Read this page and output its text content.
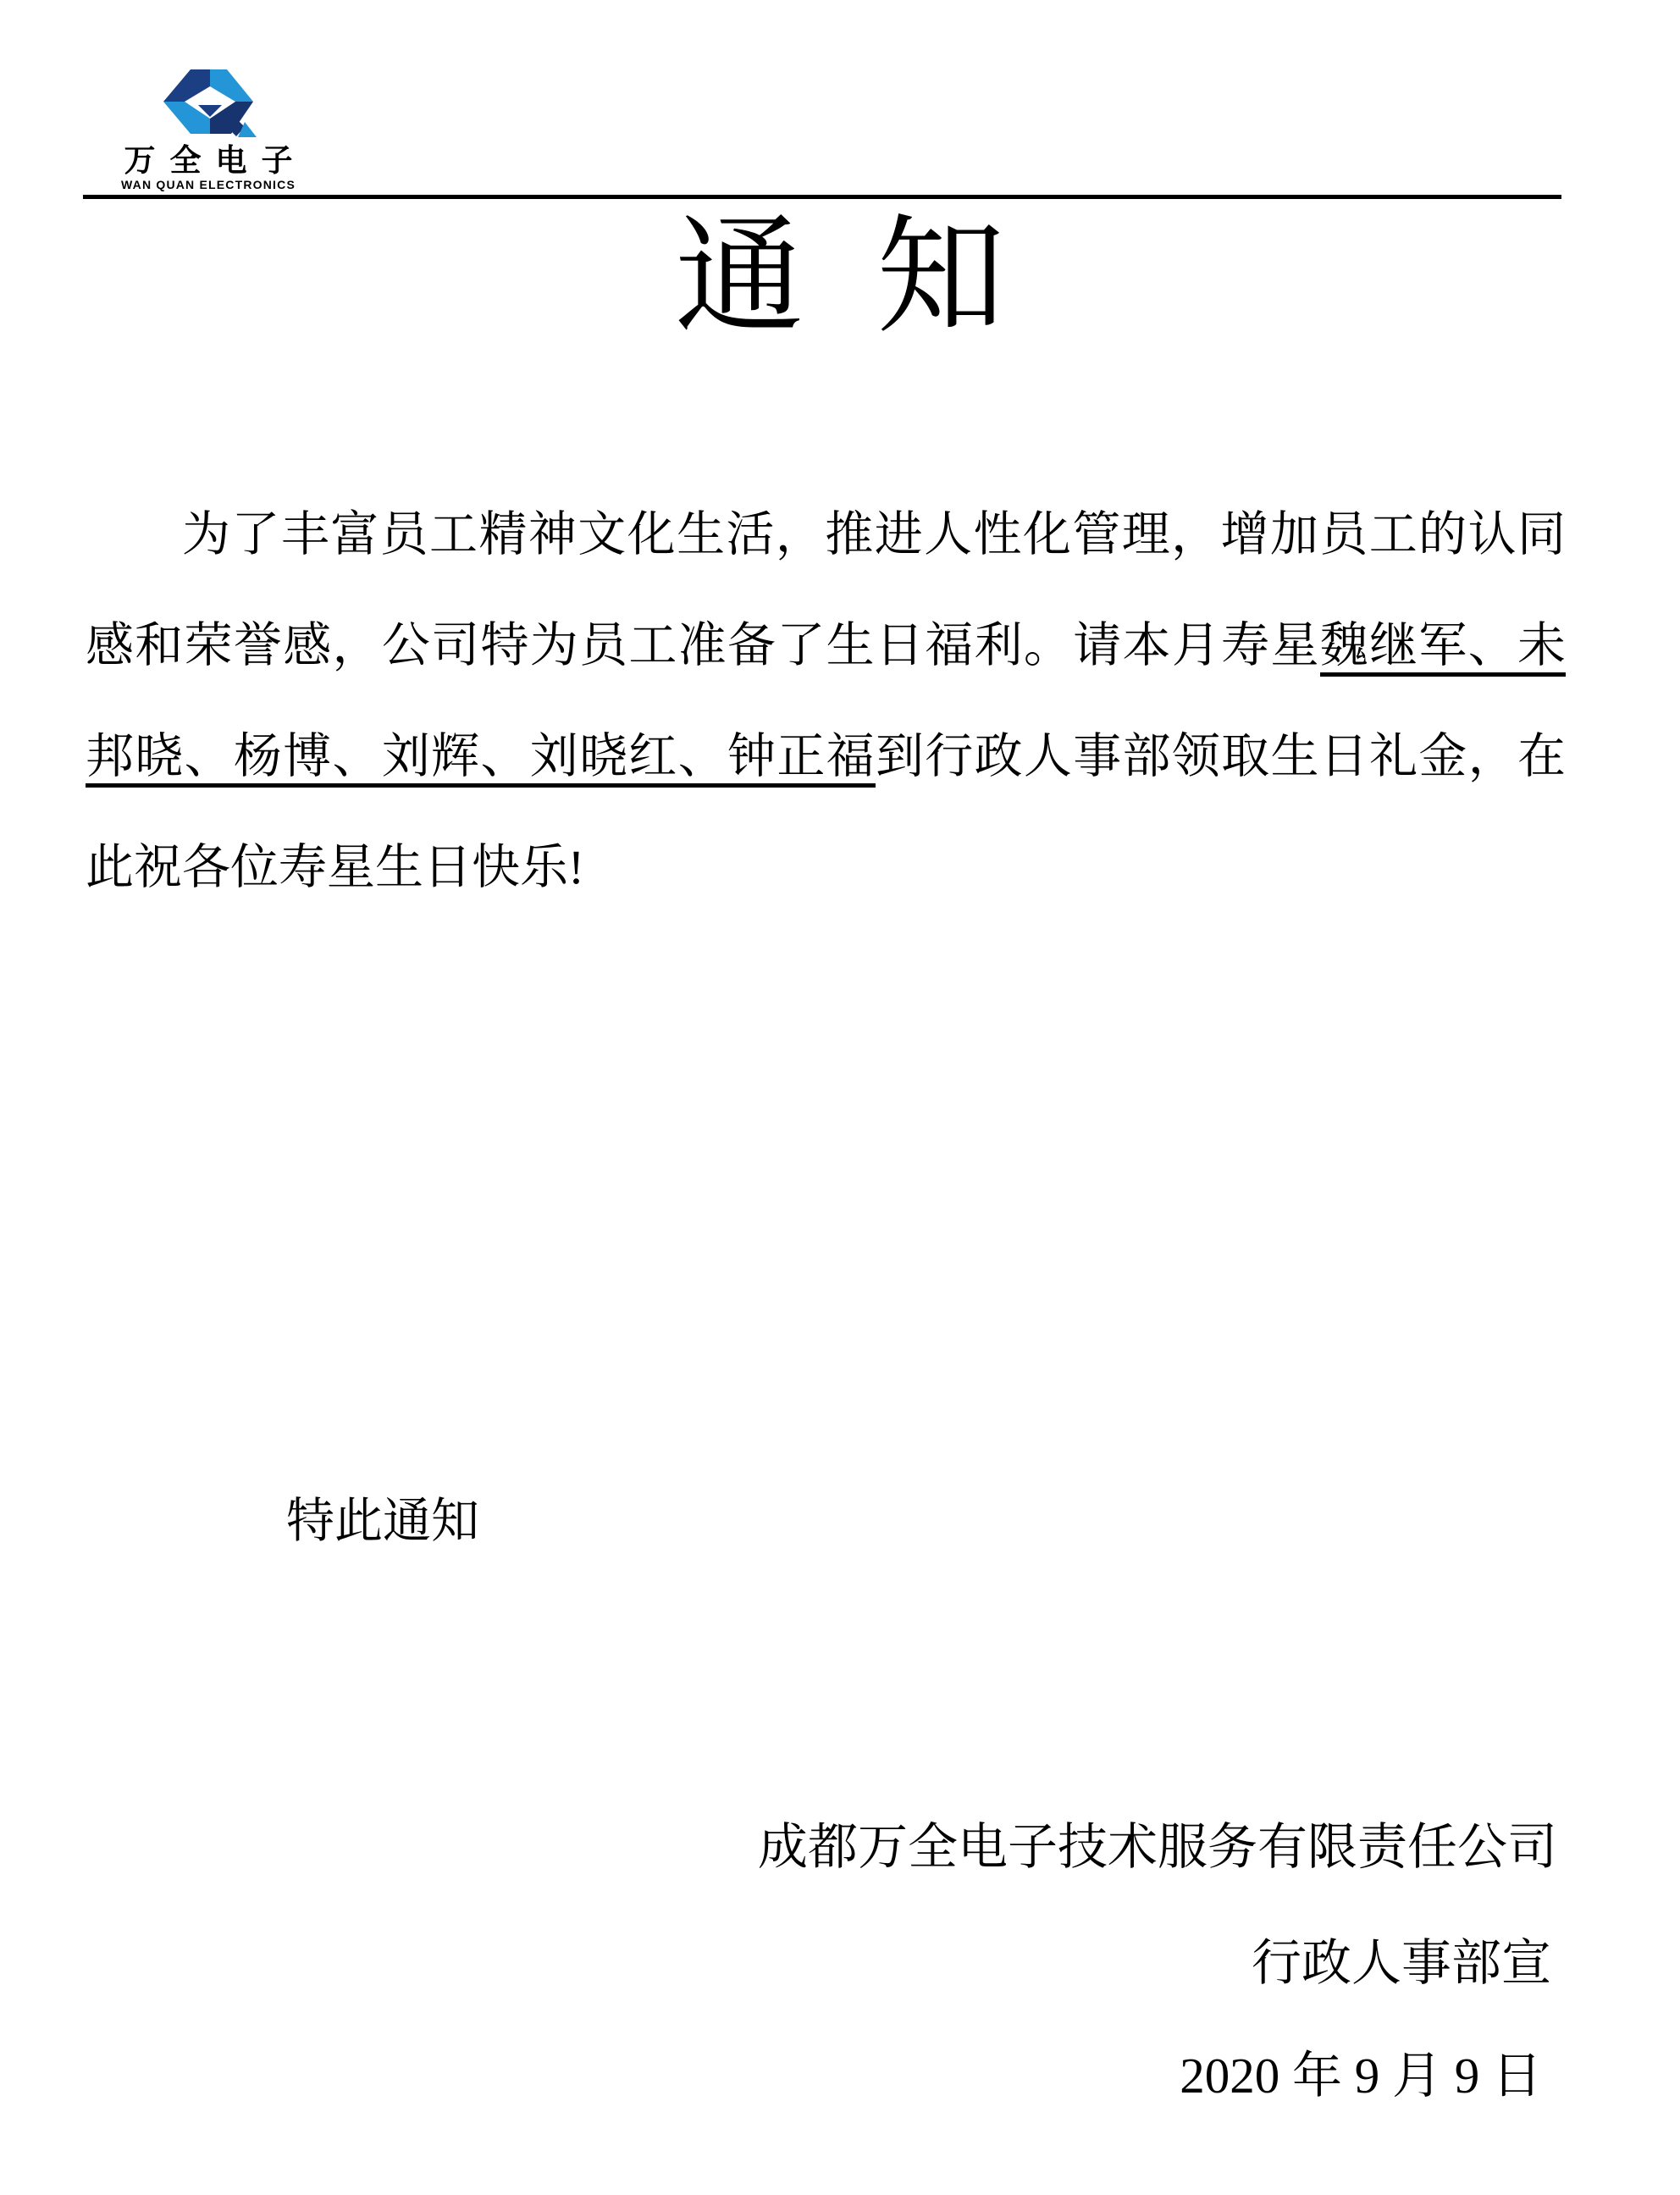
万全电子
WAN QUAN ELECTRONICS
通 知

为了丰富员工精神文化生活，推进人性化管理，增加员工的认同感和荣誉感，公司特为员工准备了生日福利。请本月寿星魏继军、未邦晓、杨博、刘辉、刘晓红、钟正福到行政人事部领取生日礼金，在此祝各位寿星生日快乐!

特此通知

成都万全电子技术服务有限责任公司

行政人事部宣

2020 年 9 月 9 日
